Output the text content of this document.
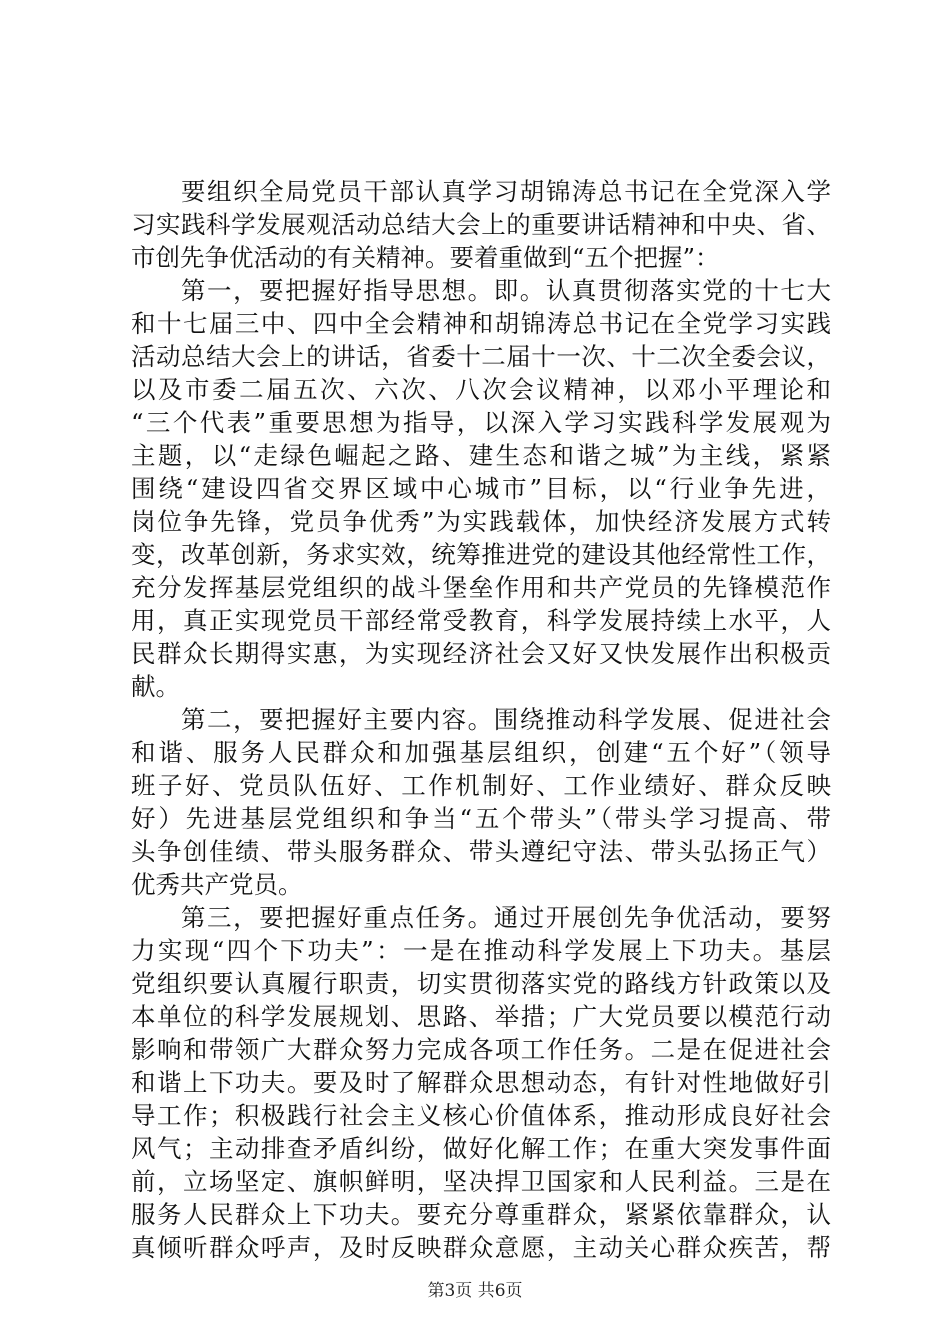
要组织全局党员干部认真学习胡锦涛总书记在全党深入学
习实践科学发展观活动总结大会上的重要讲话精神和中央、省、
市创先争优活动的有关精神。要着重做到“五个把握”：
第一，要把握好指导思想。即。认真贯彻落实党的十七大
和十七届三中、四中全会精神和胡锦涛总书记在全党学习实践
活动总结大会上的讲话，省委十二届十一次、十二次全委会议，
以及市委二届五次、六次、八次会议精神，以邓小平理论和
“三个代表”重要思想为指导，以深入学习实践科学发展观为
主题，以“走绿色崛起之路、建生态和谐之城”为主线，紧紧
围绕“建设四省交界区域中心城市”目标，以“行业争先进，
岗位争先锋，党员争优秀”为实践载体，加快经济发展方式转
变，改革创新，务求实效，统筹推进党的建设其他经常性工作，
充分发挥基层党组织的战斗堡垒作用和共产党员的先锋模范作
用，真正实现党员干部经常受教育，科学发展持续上水平，人
民群众长期得实惠，为实现经济社会又好又快发展作出积极贡
献。
第二，要把握好主要内容。围绕推动科学发展、促进社会
和谐、服务人民群众和加强基层组织，创建“五个好”（领导
班子好、党员队伍好、工作机制好、工作业绩好、群众反映
好）先进基层党组织和争当“五个带头”（带头学习提高、带
头争创佳绩、带头服务群众、带头遵纪守法、带头弘扬正气）
优秀共产党员。
第三，要把握好重点任务。通过开展创先争优活动，要努
力实现“四个下功夫”：一是在推动科学发展上下功夫。基层
党组织要认真履行职责，切实贯彻落实党的路线方针政策以及
本单位的科学发展规划、思路、举措；广大党员要以模范行动
影响和带领广大群众努力完成各项工作任务。二是在促进社会
和谐上下功夫。要及时了解群众思想动态，有针对性地做好引
导工作；积极践行社会主义核心价值体系，推动形成良好社会
风气；主动排查矛盾纠纷，做好化解工作；在重大突发事件面
前，立场坚定、旗帜鲜明，坚决捍卫国家和人民利益。三是在
服务人民群众上下功夫。要充分尊重群众，紧紧依靠群众，认
真倾听群众呼声，及时反映群众意愿，主动关心群众疾苦，帮
第3页 共6页
